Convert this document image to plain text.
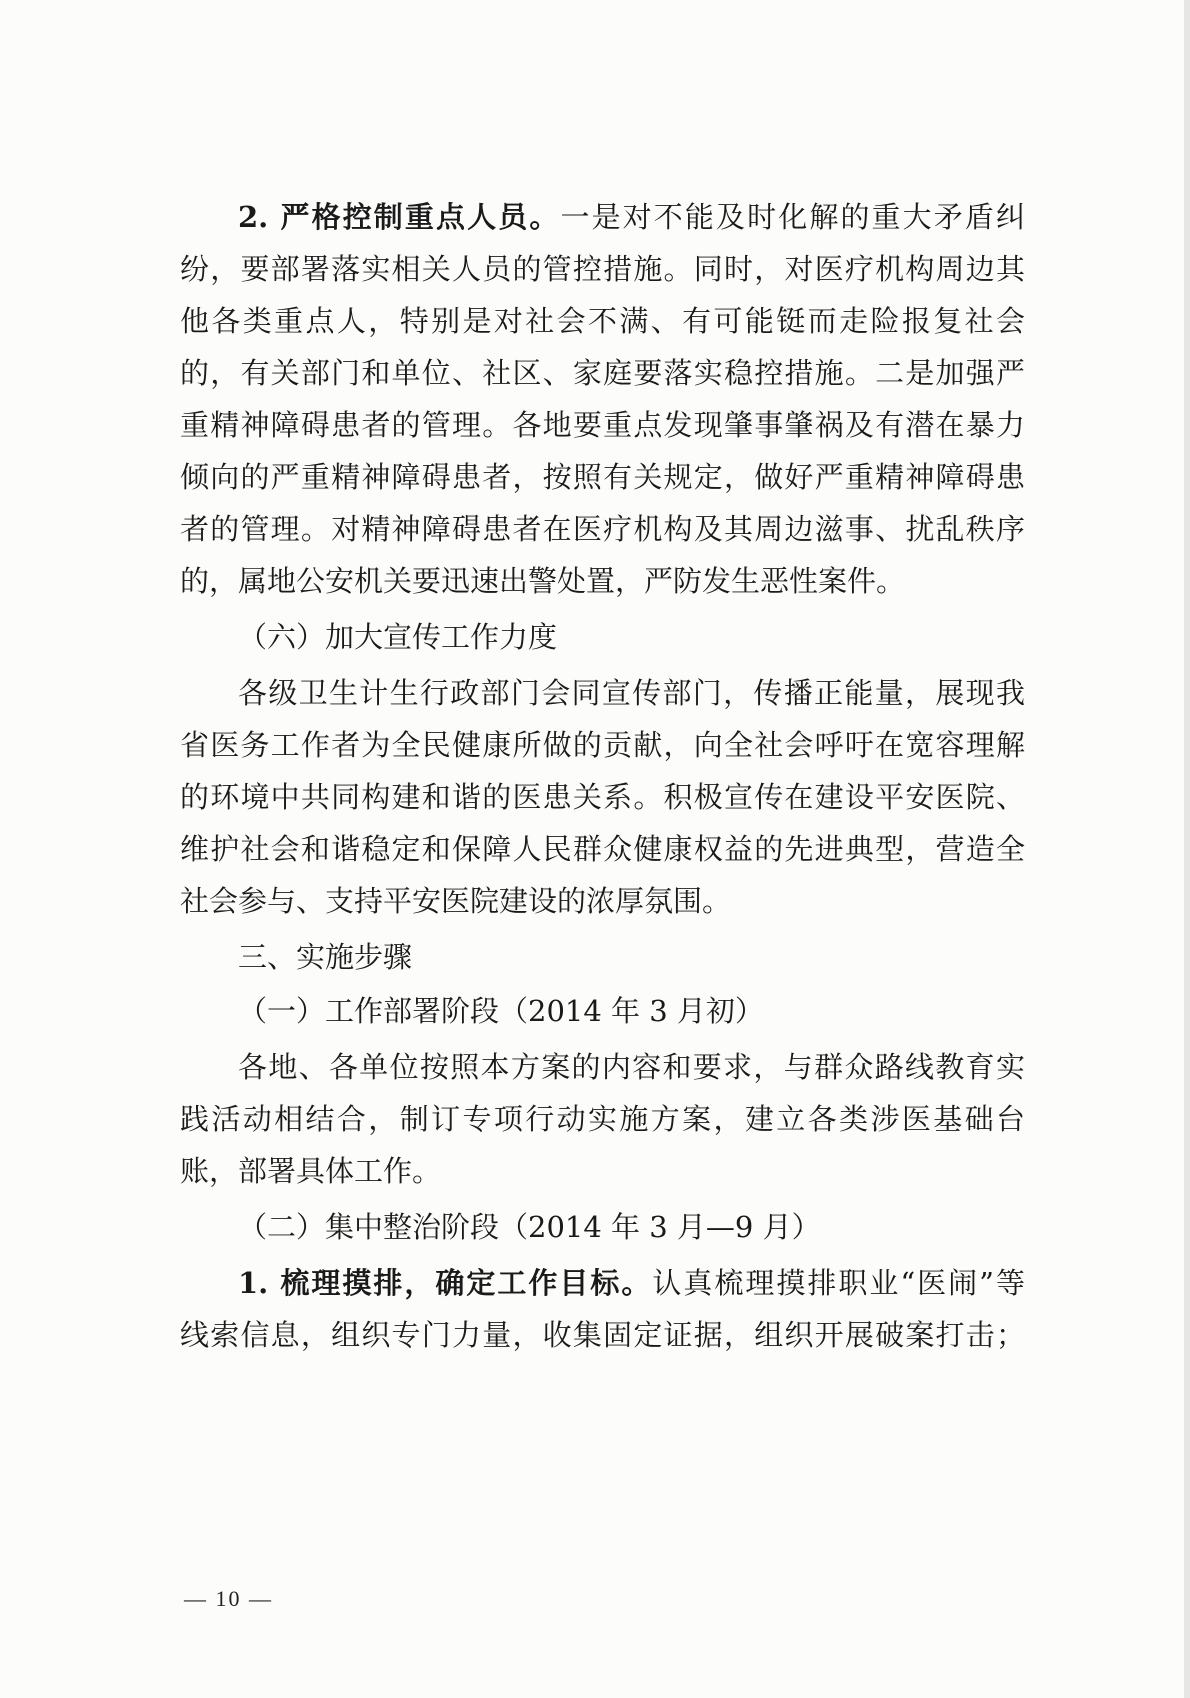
2. 严格控制重点人员。一是对不能及时化解的重大矛盾纠
纷，要部署落实相关人员的管控措施。同时，对医疗机构周边其
他各类重点人，特别是对社会不满、有可能铤而走险报复社会
的，有关部门和单位、社区、家庭要落实稳控措施。二是加强严
重精神障碍患者的管理。各地要重点发现肇事肇祸及有潜在暴力
倾向的严重精神障碍患者，按照有关规定，做好严重精神障碍患
者的管理。对精神障碍患者在医疗机构及其周边滋事、扰乱秩序
的，属地公安机关要迅速出警处置，严防发生恶性案件。
（六）加大宣传工作力度
各级卫生计生行政部门会同宣传部门，传播正能量，展现我
省医务工作者为全民健康所做的贡献，向全社会呼吁在宽容理解
的环境中共同构建和谐的医患关系。积极宣传在建设平安医院、
维护社会和谐稳定和保障人民群众健康权益的先进典型，营造全
社会参与、支持平安医院建设的浓厚氛围。
三、实施步骤
（一）工作部署阶段（2014 年 3 月初）
各地、各单位按照本方案的内容和要求，与群众路线教育实
践活动相结合，制订专项行动实施方案，建立各类涉医基础台
账，部署具体工作。
（二）集中整治阶段（2014 年 3 月—9 月）
1. 梳理摸排，确定工作目标。认真梳理摸排职业“医闹”等
线索信息，组织专门力量，收集固定证据，组织开展破案打击；
— 10 —
